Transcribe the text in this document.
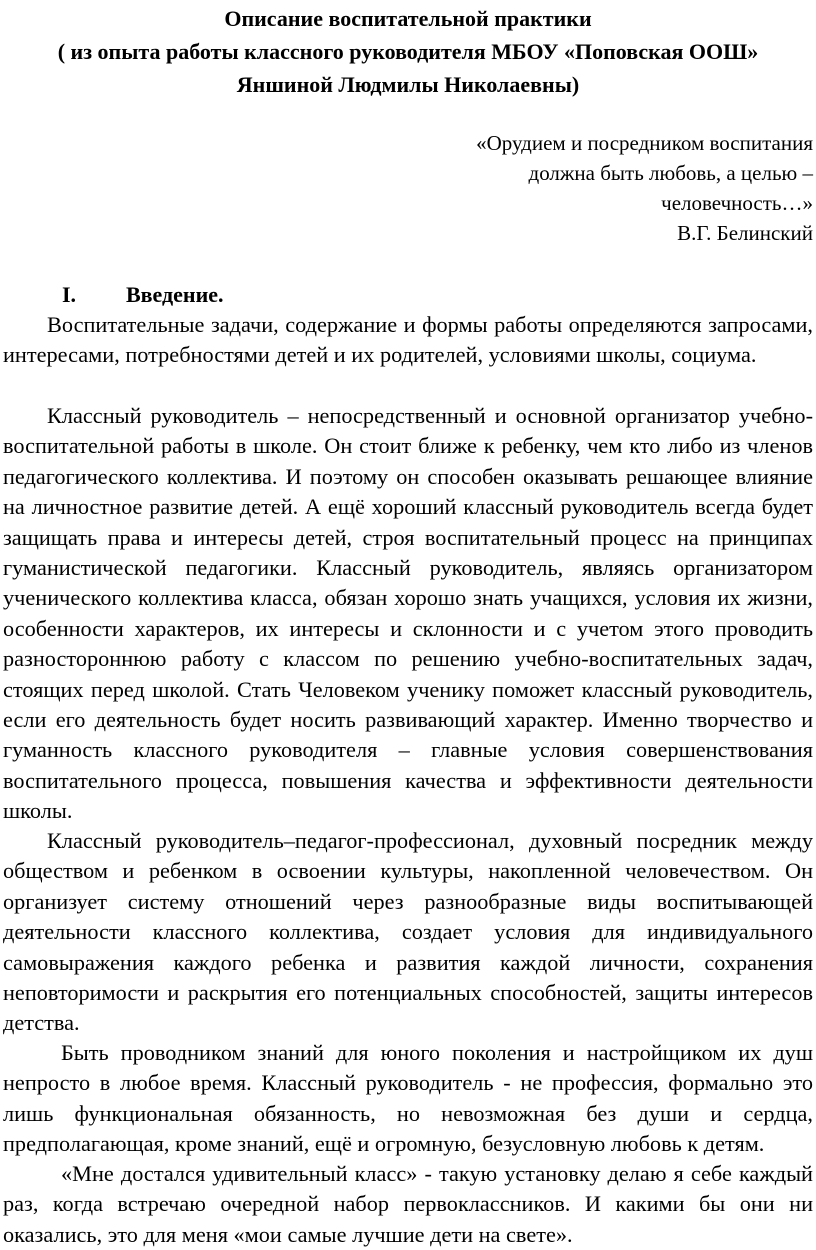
Описание воспитательной практики
( из опыта работы классного руководителя МБОУ «Поповская ООШ»
Яншиной Людмилы Николаевны)
«Орудием и посредником воспитания
должна быть любовь, а целью –
человечность…»
В.Г. Белинский
I. Введение.

Воспитательные задачи, содержание и формы работы определяются запросами, интересами, потребностями детей и их родителей, условиями школы, социума.

Классный руководитель – непосредственный и основной организатор учебно-воспитательной работы в школе. Он стоит ближе к ребенку, чем кто либо из членов педагогического коллектива. И поэтому он способен оказывать решающее влияние на личностное развитие детей. А ещё хороший классный руководитель всегда будет защищать права и интересы детей, строя воспитательный процесс на принципах гуманистической педагогики. Классный руководитель, являясь организатором ученического коллектива класса, обязан хорошо знать учащихся, условия их жизни, особенности характеров, их интересы и склонности и с учетом этого проводить разностороннюю работу с классом по решению учебно-воспитательных задач, стоящих перед школой. Стать Человеком ученику поможет классный руководитель, если его деятельность будет носить развивающий характер. Именно творчество и гуманность классного руководителя – главные условия совершенствования воспитательного процесса, повышения качества и эффективности деятельности школы.

Классный руководитель–педагог-профессионал, духовный посредник между обществом и ребенком в освоении культуры, накопленной человечеством. Он организует систему отношений через разнообразные виды воспитывающей деятельности классного коллектива, создает условия для индивидуального самовыражения каждого ребенка и развития каждой личности, сохранения неповторимости и раскрытия его потенциальных способностей, защиты интересов детства.

Быть проводником знаний для юного поколения и настройщиком их душ непросто в любое время. Классный руководитель - не профессия, формально это лишь функциональная обязанность, но невозможная без души и сердца, предполагающая, кроме знаний, ещё и огромную, безусловную любовь к детям.

«Мне достался удивительный класс» - такую установку делаю я себе каждый раз, когда встречаю очередной набор первоклассников. И какими бы они ни оказались, это для меня «мои самые лучшие дети на свете».
